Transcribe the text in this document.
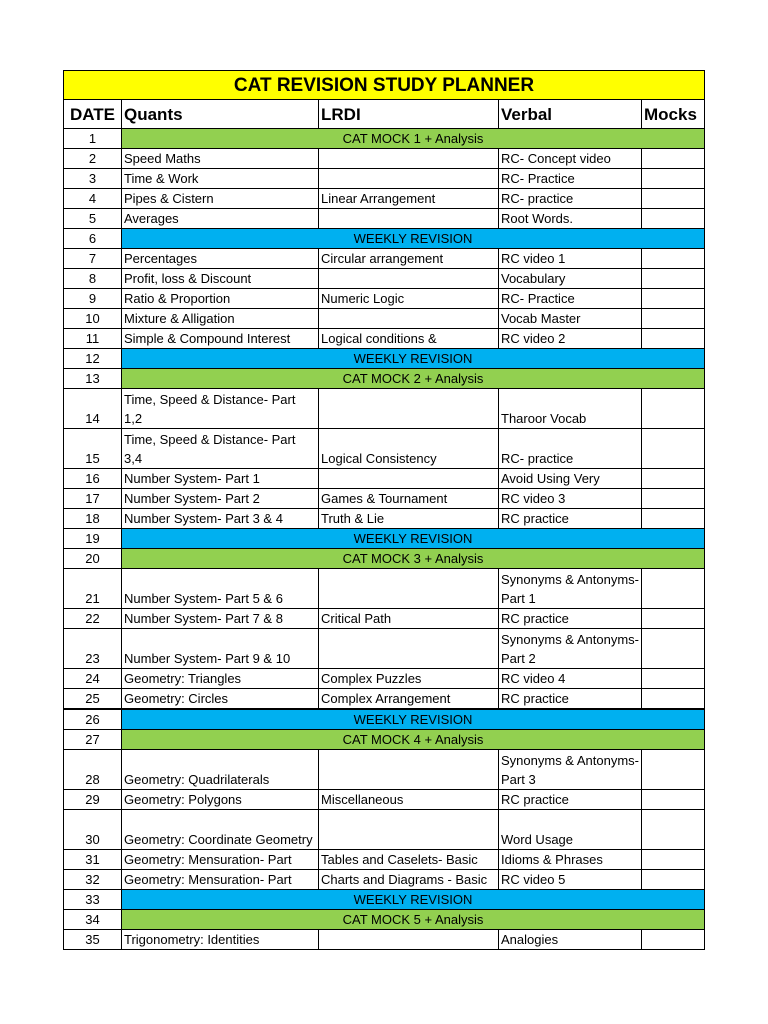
CAT REVISION STUDY PLANNER				
DATE	Quants	LRDI	Verbal	Mocks
1	CAT MOCK 1 + Analysis			
2	Speed Maths		RC- Concept video	
3	Time & Work		RC- Practice	
4	Pipes & Cistern	Linear Arrangement	RC- practice	
5	Averages		Root Words.	
6	WEEKLY REVISION			
7	Percentages	Circular arrangement	RC video 1	
8	Profit, loss & Discount		Vocabulary	
9	Ratio & Proportion	Numeric Logic	RC- Practice	
10	Mixture & Alligation		Vocab Master	
11	Simple & Compound Interest	Logical conditions &	RC video 2	
12	WEEKLY REVISION			
13	CAT MOCK 2 + Analysis			
14	Time, Speed & Distance- Part 1,2		Tharoor Vocab	
15	Time, Speed & Distance- Part 3,4	Logical Consistency	RC- practice	
16	Number System- Part 1		Avoid Using Very	
17	Number System- Part 2	Games & Tournament	RC video 3	
18	Number System- Part 3 & 4	Truth & Lie	RC practice	
19	WEEKLY REVISION			
20	CAT MOCK 3 + Analysis			
21	Number System- Part 5 & 6		Synonyms & Antonyms- Part 1	
22	Number System- Part 7 & 8	Critical Path	RC practice	
23	Number System- Part 9 & 10		Synonyms & Antonyms- Part 2	
24	Geometry: Triangles	Complex Puzzles	RC video 4	
25	Geometry: Circles	Complex Arrangement	RC practice	
26	WEEKLY REVISION			
27	CAT MOCK 4 + Analysis			
28	Geometry: Quadrilaterals		Synonyms & Antonyms- Part 3	
29	Geometry: Polygons	Miscellaneous	RC practice	
30	Geometry: Coordinate Geometry		Word Usage	
31	Geometry: Mensuration- Part	Tables and Caselets- Basic	Idioms & Phrases	
32	Geometry: Mensuration- Part	Charts and Diagrams - Basic	RC video 5	
33	WEEKLY REVISION			
34	CAT MOCK 5 + Analysis			
35	Trigonometry: Identities		Analogies	
